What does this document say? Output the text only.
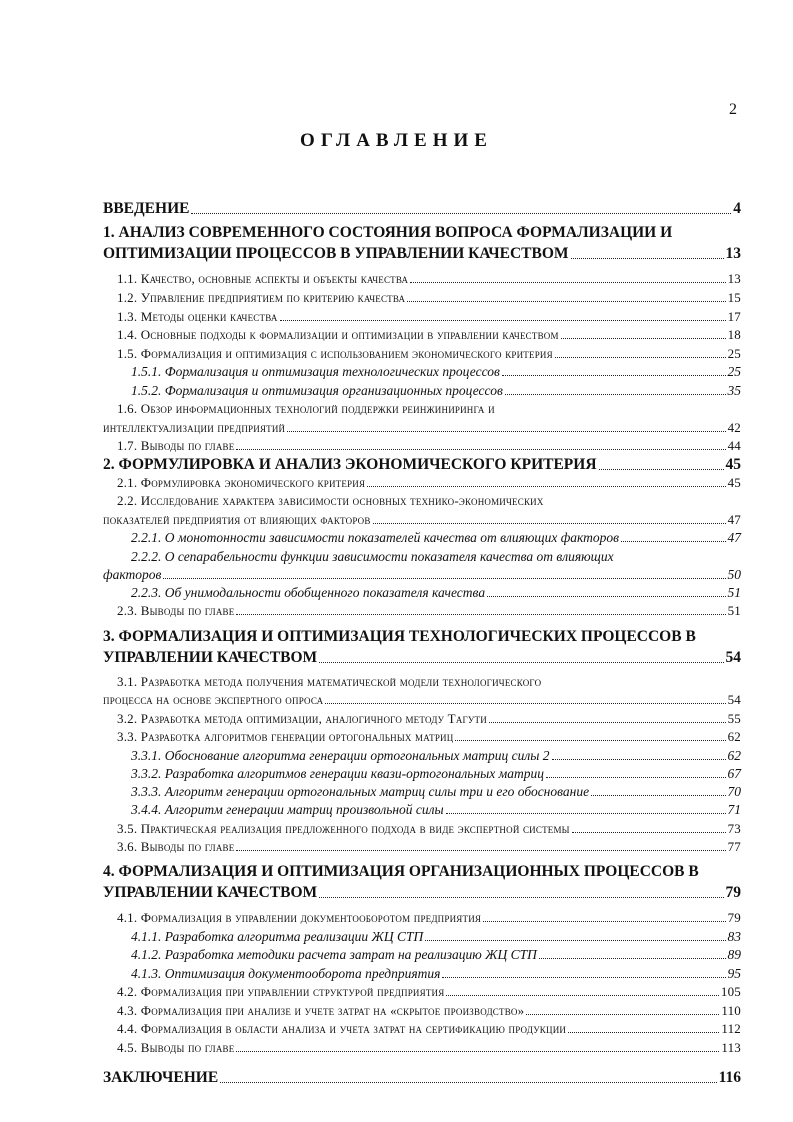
2
ОГЛАВЛЕНИЕ
ВВЕДЕНИЕ	4
1. АНАЛИЗ СОВРЕМЕННОГО СОСТОЯНИЯ ВОПРОСА ФОРМАЛИЗАЦИИ И
ОПТИМИЗАЦИИ ПРОЦЕССОВ В УПРАВЛЕНИИ КАЧЕСТВОМ	13
1.1. Качество, основные аспекты и объекты качества	13
1.2. Управление предприятием по критерию качества	15
1.3. Методы оценки качества	17
1.4. Основные подходы к формализации и оптимизации в управлении качеством	18
1.5. Формализация и оптимизация с использованием экономического критерия	25
1.5.1. Формализация и оптимизация технологических процессов	25
1.5.2. Формализация и оптимизация организационных процессов	35
1.6. Обзор информационных технологий поддержки реинжиниринга и
интеллектуализации предприятий	42
1.7. Выводы по главе	44
2. ФОРМУЛИРОВКА И АНАЛИЗ ЭКОНОМИЧЕСКОГО КРИТЕРИЯ	45
2.1. Формулировка экономического критерия	45
2.2. Исследование характера зависимости основных технико-экономических
показателей предприятия от влияющих факторов	47
2.2.1. О монотонности зависимости показателей качества от влияющих факторов	47
2.2.2. О сепарабельности функции зависимости показателя качества от влияющих
факторов	50
2.2.3. Об унимодальности обобщенного показателя качества	51
2.3. Выводы по главе	51
3. ФОРМАЛИЗАЦИЯ И ОПТИМИЗАЦИЯ ТЕХНОЛОГИЧЕСКИХ ПРОЦЕССОВ В
УПРАВЛЕНИИ КАЧЕСТВОМ	54
3.1. Разработка метода получения математической модели технологического
процесса на основе экспертного опроса	54
3.2. Разработка метода оптимизации, аналогичного методу Тагути	55
3.3. Разработка алгоритмов генерации ортогональных матриц	62
3.3.1. Обоснование алгоритма генерации ортогональных матриц силы 2	62
3.3.2. Разработка алгоритмов генерации квази-ортогональных матриц	67
3.3.3. Алгоритм генерации ортогональных матриц силы три и его обоснование	70
3.4.4. Алгоритм генерации матриц произвольной силы	71
3.5. Практическая реализация предложенного подхода в виде экспертной системы	73
3.6. Выводы по главе	77
4. ФОРМАЛИЗАЦИЯ И ОПТИМИЗАЦИЯ ОРГАНИЗАЦИОННЫХ ПРОЦЕССОВ В
УПРАВЛЕНИИ КАЧЕСТВОМ	79
4.1. Формализация в управлении документооборотом предприятия	79
4.1.1. Разработка алгоритма реализации ЖЦ СТП	83
4.1.2. Разработка методики расчета затрат на реализацию ЖЦ СТП	89
4.1.3. Оптимизация документооборота предприятия	95
4.2. Формализация при управлении структурой предприятия	105
4.3. Формализация при анализе и учете затрат на «скрытое производство»	110
4.4. Формализация в области анализа и учета затрат на сертификацию продукции	112
4.5. Выводы по главе	113
ЗАКЛЮЧЕНИЕ	116
